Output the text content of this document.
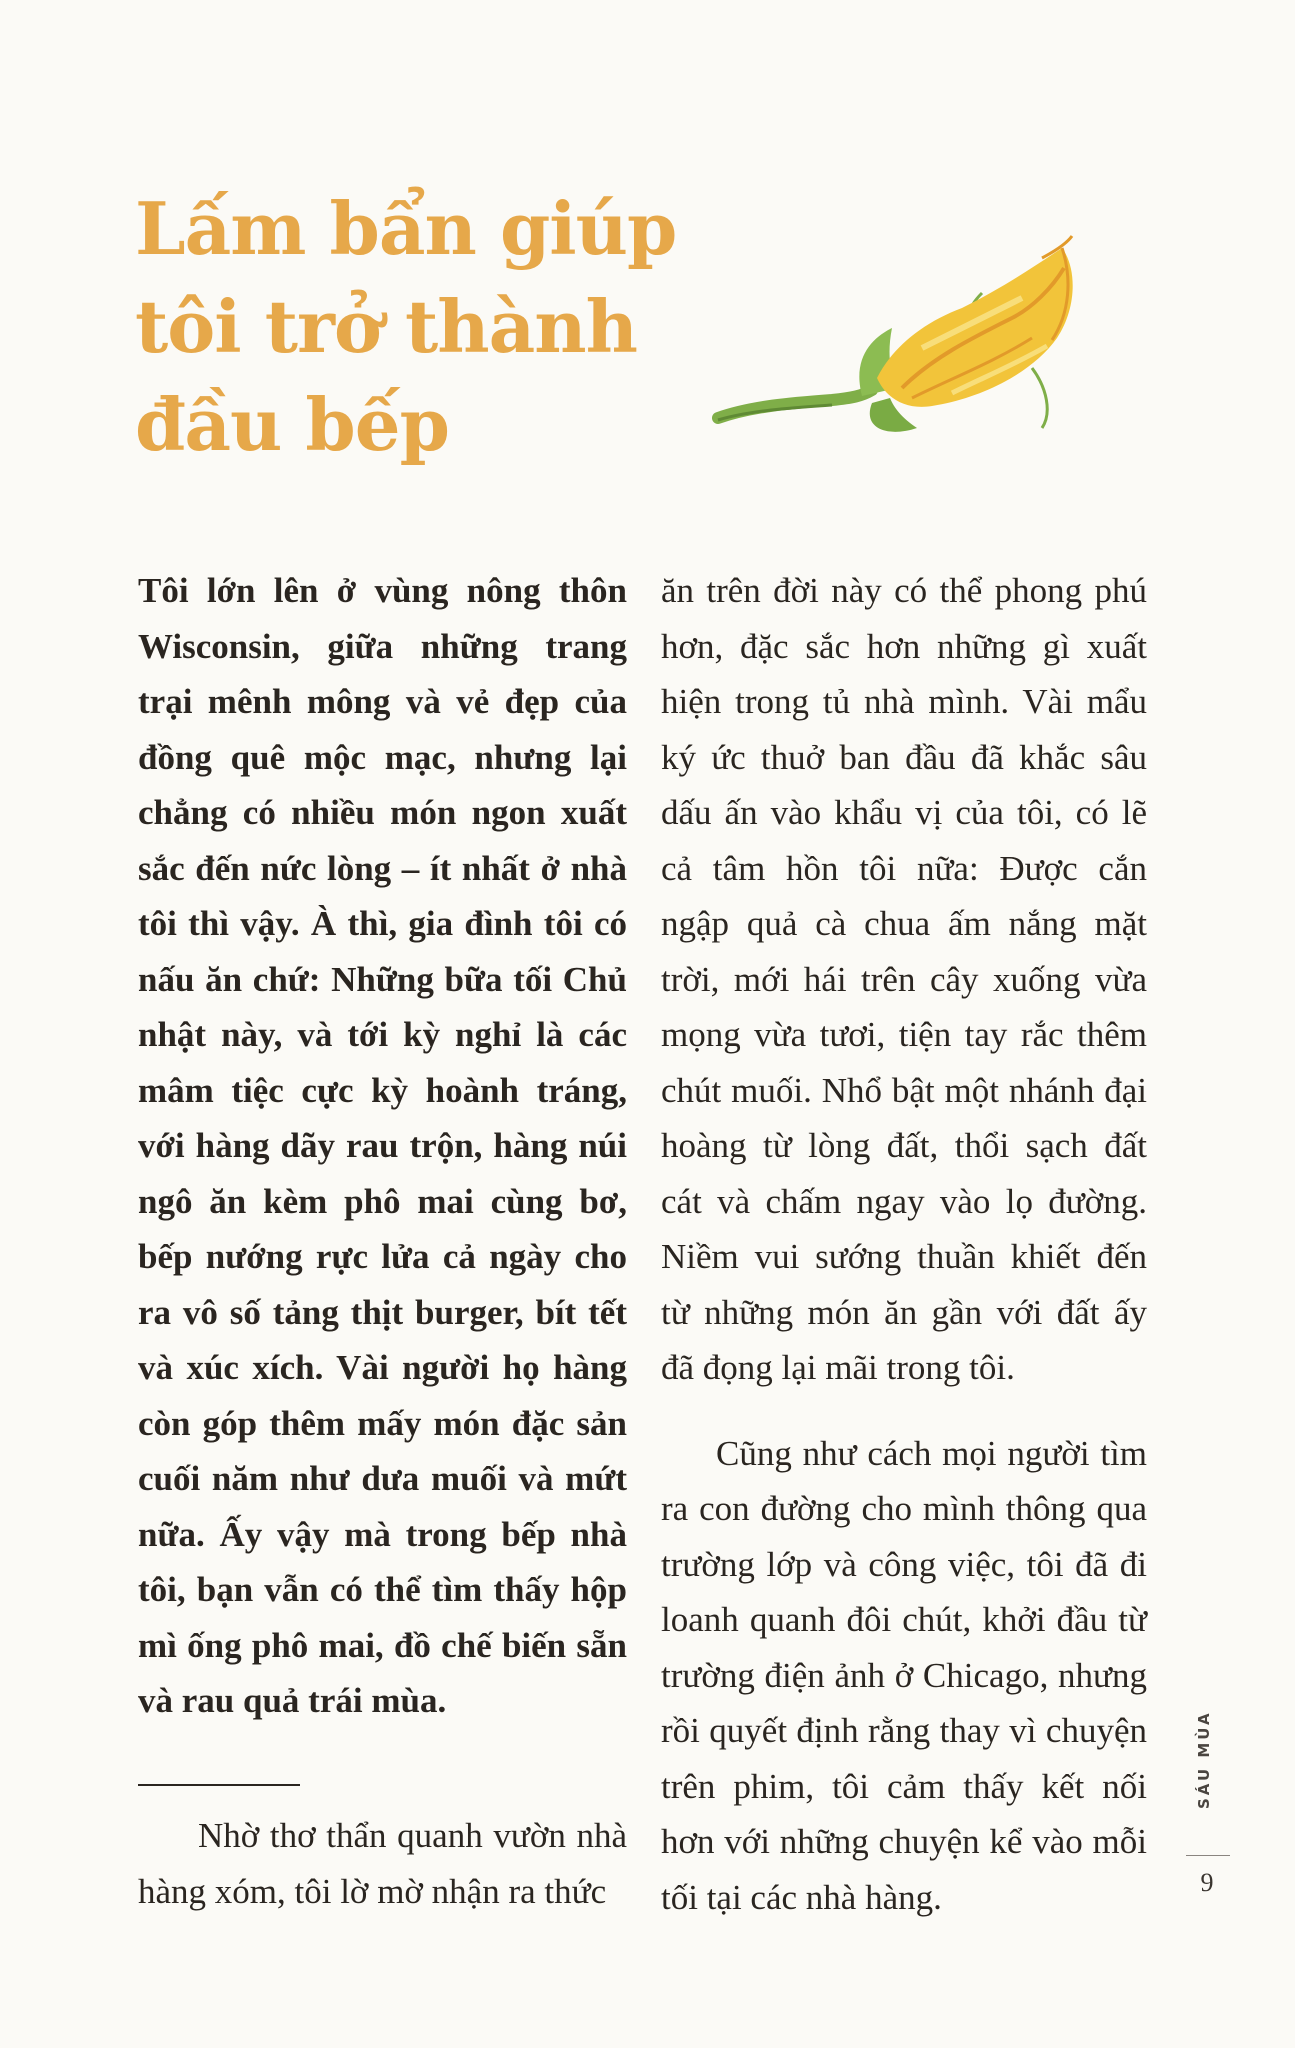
Lấm bẩn giúp
tôi trở thành
đầu bếp

Tôi lớn lên ở vùng nông thôn Wisconsin, giữa những trang trại mênh mông và vẻ đẹp của đồng quê mộc mạc, nhưng lại chẳng có nhiều món ngon xuất sắc đến nức lòng – ít nhất ở nhà tôi thì vậy. À thì, gia đình tôi có nấu ăn chứ: Những bữa tối Chủ nhật này, và tới kỳ nghỉ là các mâm tiệc cực kỳ hoành tráng, với hàng dãy rau trộn, hàng núi ngô ăn kèm phô mai cùng bơ, bếp nướng rực lửa cả ngày cho ra vô số tảng thịt burger, bít tết và xúc xích. Vài người họ hàng còn góp thêm mấy món đặc sản cuối năm như dưa muối và mứt nữa. Ấy vậy mà trong bếp nhà tôi, bạn vẫn có thể tìm thấy hộp mì ống phô mai, đồ chế biến sẵn và rau quả trái mùa.

Nhờ thơ thẩn quanh vườn nhà hàng xóm, tôi lờ mờ nhận ra thức

ăn trên đời này có thể phong phú hơn, đặc sắc hơn những gì xuất hiện trong tủ nhà mình. Vài mẩu ký ức thuở ban đầu đã khắc sâu dấu ấn vào khẩu vị của tôi, có lẽ cả tâm hồn tôi nữa: Được cắn ngập quả cà chua ấm nắng mặt trời, mới hái trên cây xuống vừa mọng vừa tươi, tiện tay rắc thêm chút muối. Nhổ bật một nhánh đại hoàng từ lòng đất, thổi sạch đất cát và chấm ngay vào lọ đường. Niềm vui sướng thuần khiết đến từ những món ăn gần với đất ấy đã đọng lại mãi trong tôi.

Cũng như cách mọi người tìm ra con đường cho mình thông qua trường lớp và công việc, tôi đã đi loanh quanh đôi chút, khởi đầu từ trường điện ảnh ở Chicago, nhưng rồi quyết định rằng thay vì chuyện trên phim, tôi cảm thấy kết nối hơn với những chuyện kể vào mỗi tối tại các nhà hàng.

SÁU MÙA
9
